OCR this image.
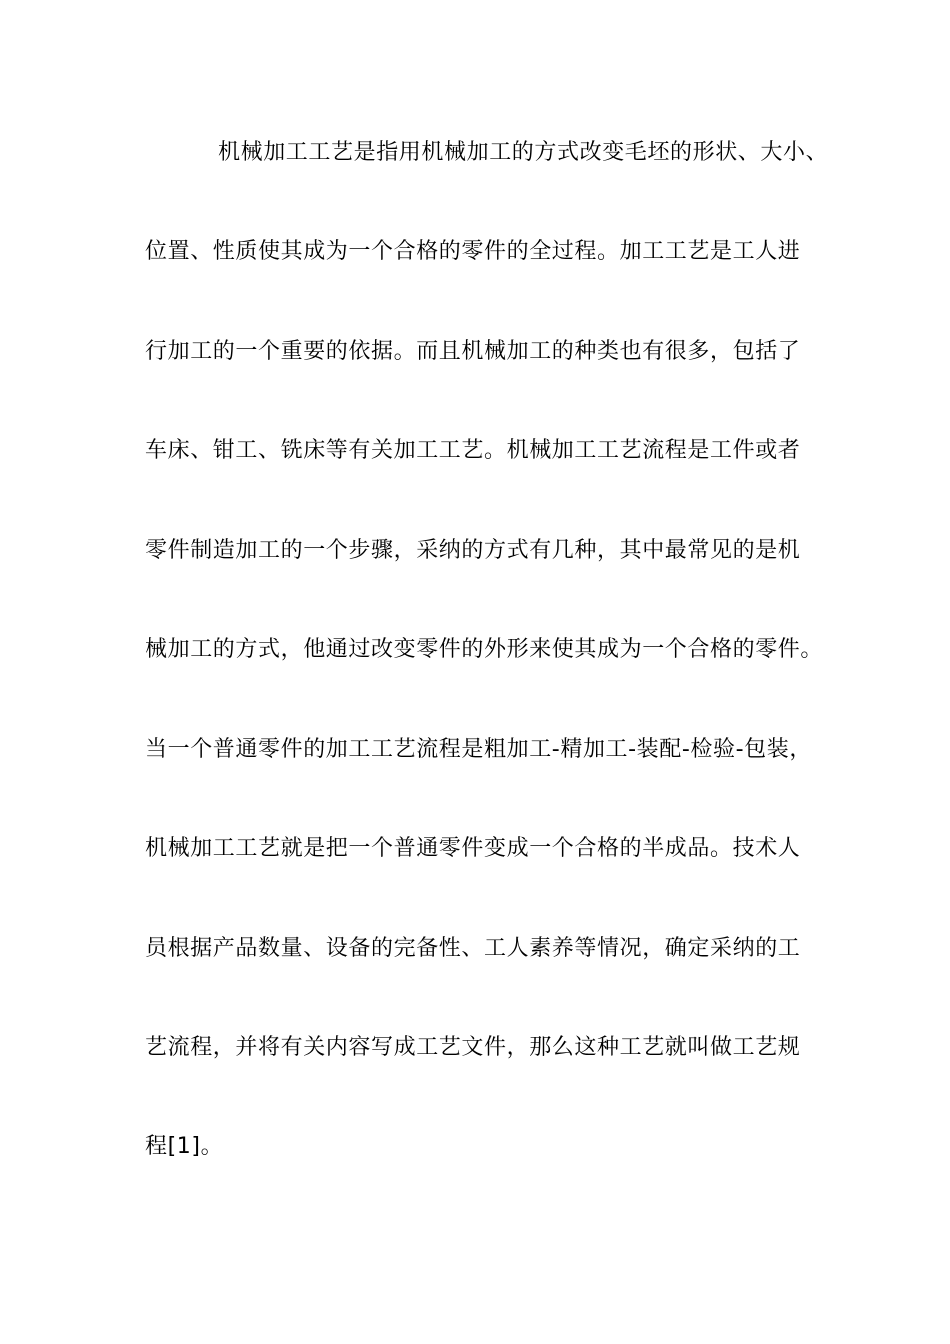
机械加工工艺是指用机械加工的方式改变毛坯的形状、大小、
位置、性质使其成为一个合格的零件的全过程。加工工艺是工人进
行加工的一个重要的依据。而且机械加工的种类也有很多，包括了
车床、钳工、铣床等有关加工工艺。机械加工工艺流程是工件或者
零件制造加工的一个步骤，采纳的方式有几种，其中最常见的是机
械加工的方式，他通过改变零件的外形来使其成为一个合格的零件。
当一个普通零件的加工工艺流程是粗加工-精加工-装配-检验-包装，
机械加工工艺就是把一个普通零件变成一个合格的半成品。技术人
员根据产品数量、设备的完备性、工人素养等情况，确定采纳的工
艺流程，并将有关内容写成工艺文件，那么这种工艺就叫做工艺规
程[1]。
